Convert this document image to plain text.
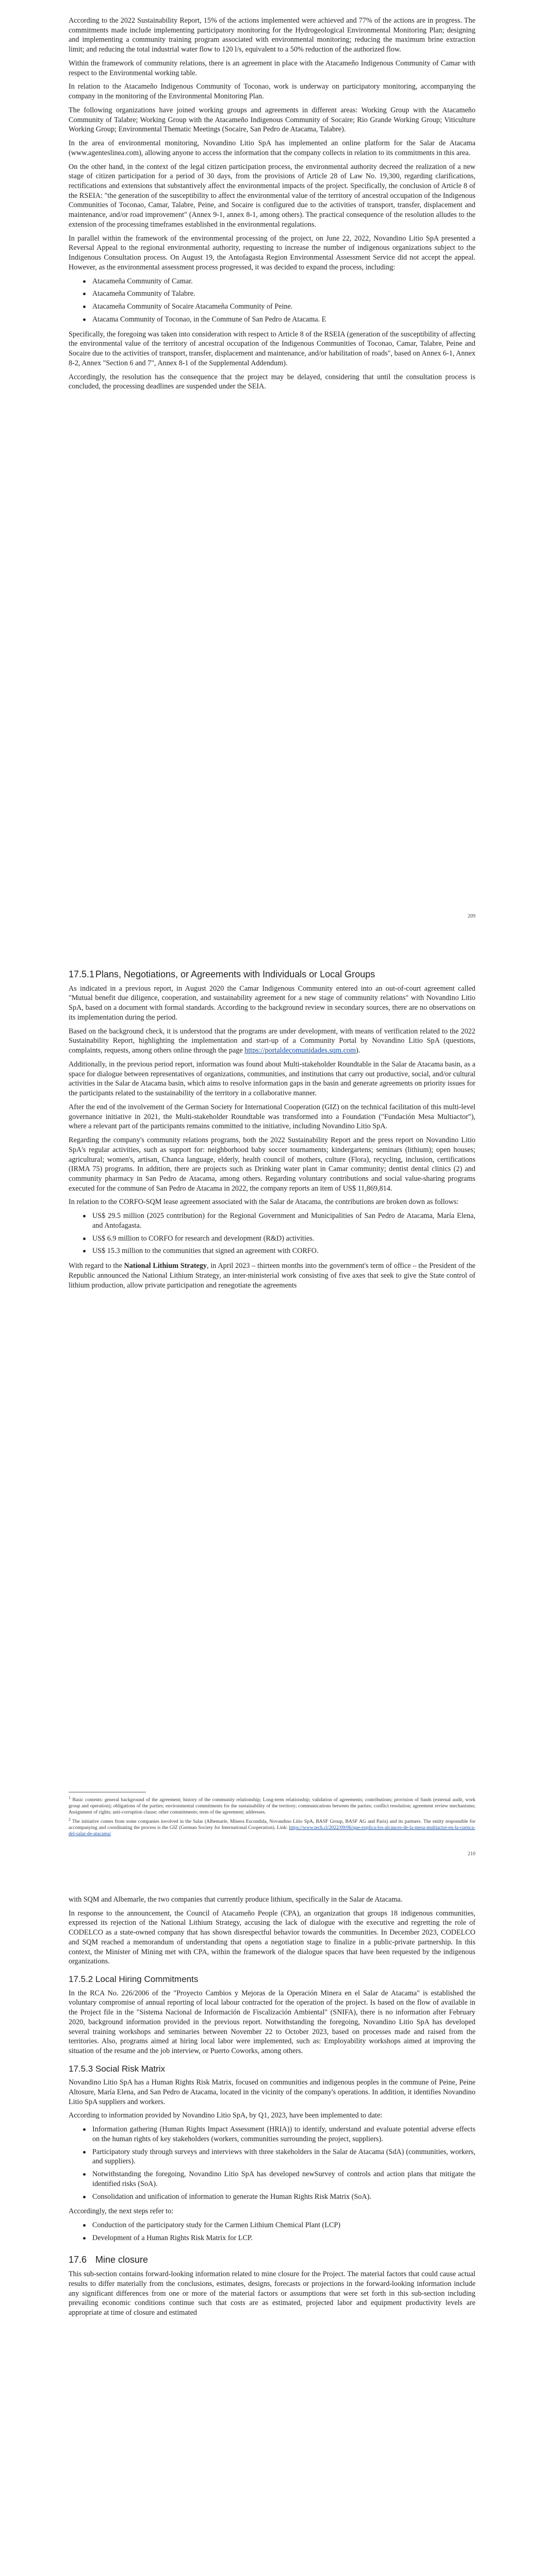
According to the 2022 Sustainability Report, 15% of the actions implemented were achieved and 77% of the actions are in progress. The commitments made include implementing participatory monitoring for the Hydrogeological Environmental Monitoring Plan; designing and implementing a community training program associated with environmental monitoring; reducing the maximum brine extraction limit; and reducing the total industrial water flow to 120 l/s, equivalent to a 50% reduction of the authorized flow.

Within the framework of community relations, there is an agreement in place with the Atacameño Indigenous Community of Camar with respect to the Environmental working table.

In relation to the Atacameño Indigenous Community of Toconao, work is underway on participatory monitoring, accompanying the company in the monitoring of the Environmental Monitoring Plan.

The following organizations have joined working groups and agreements in different areas: Working Group with the Atacameño Community of Talabre; Working Group with the Atacameño Indigenous Community of Socaire; Rio Grande Working Group; Viticulture Working Group; Environmental Thematic Meetings (Socaire, San Pedro de Atacama, Talabre).

In the area of environmental monitoring, Novandino Litio SpA has implemented an online platform for the Salar de Atacama (www.agenteslinea.com), allowing anyone to access the information that the company collects in relation to its commitments in this area.

On the other hand, in the context of the legal citizen participation process, the environmental authority decreed the realization of a new stage of citizen participation for a period of 30 days, from the provisions of Article 28 of Law No. 19,300, regarding clarifications, rectifications and extensions that substantively affect the environmental impacts of the project. Specifically, the conclusion of Article 8 of the RSEIA: "the generation of the susceptibility to affect the environmental value of the territory of ancestral occupation of the Indigenous Communities of Toconao, Camar, Talabre, Peine, and Socaire is configured due to the activities of transport, transfer, displacement and maintenance, and/or road improvement" (Annex 9-1, annex 8-1, among others). The practical consequence of the resolution alludes to the extension of the processing timeframes established in the environmental regulations.

In parallel within the framework of the environmental processing of the project, on June 22, 2022, Novandino Litio SpA presented a Reversal Appeal to the regional environmental authority, requesting to increase the number of indigenous organizations subject to the Indigenous Consultation process. On August 19, the Antofagasta Region Environmental Assessment Service did not accept the appeal. However, as the environmental assessment process progressed, it was decided to expand the process, including:

Atacameña Community of Camar.
Atacameña Community of Talabre.
Atacameña Community of Socaire Atacameña Community of Peine.
Atacama Community of Toconao, in the Commune of San Pedro de Atacama. E

Specifically, the foregoing was taken into consideration with respect to Article 8 of the RSEIA (generation of the susceptibility of affecting the environmental value of the territory of ancestral occupation of the Indigenous Communities of Toconao, Camar, Talabre, Peine and Socaire due to the activities of transport, transfer, displacement and maintenance, and/or habilitation of roads", based on Annex 6-1, Annex 8-2, Annex "Section 6 and 7", Annex 8-1 of the Supplemental Addendum).

Accordingly, the resolution has the consequence that the project may be delayed, considering that until the consultation process is concluded, the processing deadlines are suspended under the SEIA.

209
17.5.1 Plans, Negotiations, or Agreements with Individuals or Local Groups

As indicated in a previous report, in August 2020 the Camar Indigenous Community entered into an out-of-court agreement called "Mutual benefit due diligence, cooperation, and sustainability agreement for a new stage of community relations" with Novandino Litio SpA, based on a document with formal standards. According to the background review in secondary sources, there are no observations on its implementation during the period.

Based on the background check, it is understood that the programs are under development, with means of verification related to the 2022 Sustainability Report, highlighting the implementation and start-up of a Community Portal by Novandino Litio SpA (questions, complaints, requests, among others online through the page https://portaldecomunidades.sqm.com).

Additionally, in the previous period report, information was found about Multi-stakeholder Roundtable in the Salar de Atacama basin, as a space for dialogue between representatives of organizations, communities, and institutions that carry out productive, social, and/or cultural activities in the Salar de Atacama basin, which aims to resolve information gaps in the basin and generate agreements on priority issues for the participants related to the sustainability of the territory in a collaborative manner.

After the end of the involvement of the German Society for International Cooperation (GIZ) on the technical facilitation of this multi-level governance initiative in 2021, the Multi-stakeholder Roundtable was transformed into a Foundation ("Fundación Mesa Multiactor"), where a relevant part of the participants remains committed to the initiative, including Novandino Litio SpA.

Regarding the company's community relations programs, both the 2022 Sustainability Report and the press report on Novandino Litio SpA's regular activities, such as support for: neighborhood baby soccer tournaments; kindergartens; seminars (lithium); open houses; agricultural; women's, artisan, Chanca language, elderly, health council of mothers, culture (Flora), recycling, inclusion, certifications (IRMA 75) programs. In addition, there are projects such as Drinking water plant in Camar community; dentist dental clinics (2) and community pharmacy in San Pedro de Atacama, among others. Regarding voluntary contributions and social value-sharing programs executed for the commune of San Pedro de Atacama in 2022, the company reports an item of US$ 11,869,814.

In relation to the CORFO-SQM lease agreement associated with the Salar de Atacama, the contributions are broken down as follows:

US$ 29.5 million (2025 contribution) for the Regional Government and Municipalities of San Pedro de Atacama, María Elena, and Antofagasta.
US$ 6.9 million to CORFO for research and development (R&D) activities.
US$ 15.3 million to the communities that signed an agreement with CORFO.

With regard to the National Lithium Strategy, in April 2023 – thirteen months into the government's term of office – the President of the Republic announced the National Lithium Strategy, an inter-ministerial work consisting of five axes that seek to give the State control of lithium production, allow private participation and renegotiate the agreements

$^1$ Basic contents: general background of the agreement; history of the community relationship; Long-term relationship; validation of agreements; contributions; provision of funds (external audit, work group and operation); obligations of the parties; environmental commitments for the sustainability of the territory; communications between the parties; conflict resolution; agreement review mechanisms; Assignment of rights; anti-corruption clause; other commitments; term of the agreement; addresses.

$^2$ The initiative comes from some companies involved in the Salar (Albemarle, Minera Escondida, Novandino Litio SpA, BASF Group, BASF AG and Paris) and its partners. The entity responsible for accompanying and coordinating the process is the GIZ (German Society for International Cooperation). Link: https://www.tech.cl/2022/09/06/que-explica-los-alcances-de-la-mesa-multiactor-en-la-cuenca-del-salar-de-atacama/

210

with SQM and Albemarle, the two companies that currently produce lithium, specifically in the Salar de Atacama.

In response to the announcement, the Council of Atacameño People (CPA), an organization that groups 18 indigenous communities, expressed its rejection of the National Lithium Strategy, accusing the lack of dialogue with the executive and regretting the role of CODELCO as a state-owned company that has shown disrespectful behavior towards the communities. In December 2023, CODELCO and SQM reached a memorandum of understanding that opens a negotiation stage to finalize in a public-private partnership. In this context, the Minister of Mining met with CPA, within the framework of the dialogue spaces that have been requested by the indigenous organizations.

17.5.2 Local Hiring Commitments

In the RCA No. 226/2006 of the "Proyecto Cambios y Mejoras de la Operación Minera en el Salar de Atacama" is established the voluntary compromise of annual reporting of local labour contracted for the operation of the project. Is based on the flow of available in the Project file in the "Sistema Nacional de Información de Fiscalización Ambiental" (SNIFA), there is no information after February 2020, background information provided in the previous report. Notwithstanding the foregoing, Novandino Litio SpA has developed several training workshops and seminaries between November 22 to October 2023, based on processes made and raised from the territories. Also, programs aimed at hiring local labor were implemented, such as: Employability workshops aimed at improving the situation of the resume and the job interview, or Puerto Coworks, among others.

17.5.3 Social Risk Matrix

Novandino Litio SpA has a Human Rights Risk Matrix, focused on communities and indigenous peoples in the commune of Peine, Peine Altosure, María Elena, and San Pedro de Atacama, located in the vicinity of the company's operations. In addition, it identifies Novandino Litio SpA suppliers and workers.

According to information provided by Novandino Litio SpA, by Q1, 2023, have been implemented to date:

Information gathering (Human Rights Impact Assessment (HRIA)) to identify, understand and evaluate potential adverse effects on the human rights of key stakeholders (workers, communities surrounding the project, suppliers).
Participatory study through surveys and interviews with three stakeholders in the Salar de Atacama (SdA) (communities, workers, and suppliers).
Notwithstanding the foregoing, Novandino Litio SpA has developed newSurvey of controls and action plans that mitigate the identified risks (SoA).
Consolidation and unification of information to generate the Human Rights Risk Matrix (SoA).

Accordingly, the next steps refer to:

Conduction of the participatory study for the Carmen Lithium Chemical Plant (LCP)
Development of a Human Rights Risk Matrix for LCP.
17.6 Mine closure

This sub-section contains forward-looking information related to mine closure for the Project. The material factors that could cause actual results to differ materially from the conclusions, estimates, designs, forecasts or projections in the forward-looking information include any significant differences from one or more of the material factors or assumptions that were set forth in this sub-section including prevailing economic conditions continue such that costs are as estimated, projected labor and equipment productivity levels are appropriate at time of closure and estimated
